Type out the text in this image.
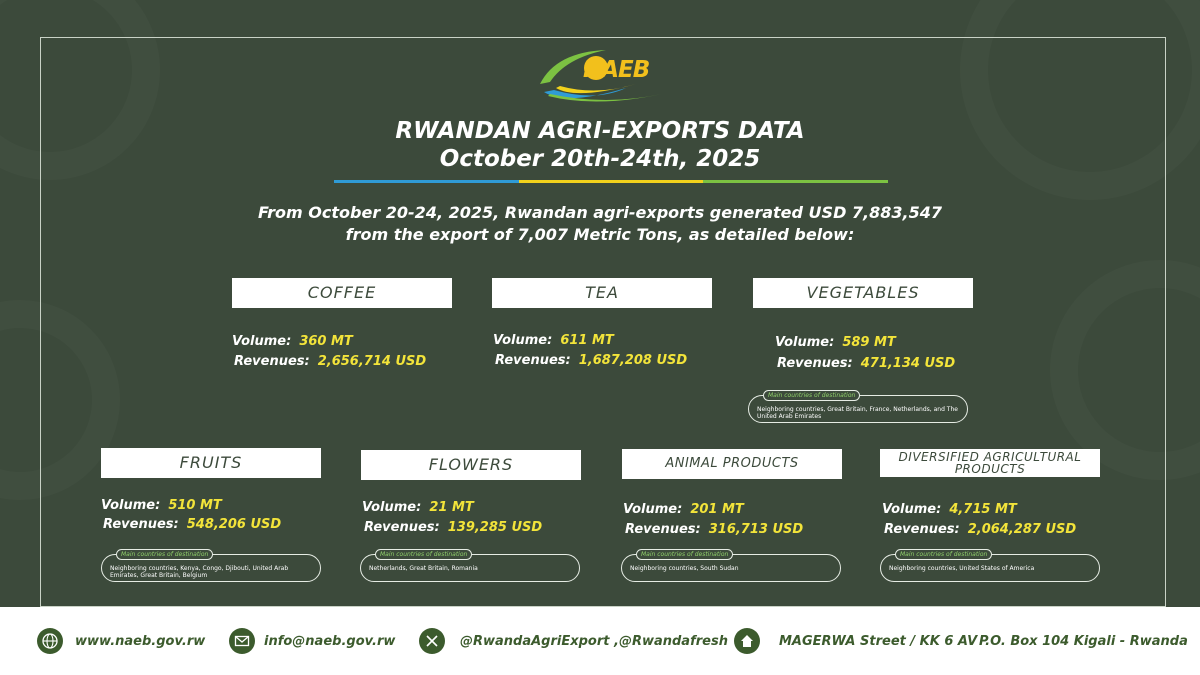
NAEB
RWANDAN AGRI-EXPORTS DATA
October 20th-24th, 2025
From October 20-24, 2025, Rwandan agri-exports generated USD 7,883,547
from the export of 7,007 Metric Tons, as detailed below:
COFFEE
Volume: 360 MT
Revenues: 2,656,714 USD
TEA
Volume: 611 MT
Revenues: 1,687,208 USD
VEGETABLES
Volume: 589 MT
Revenues: 471,134 USD
Main countries of destination
Neighboring countries, Great Britain, France, Netherlands, and The United Arab Emirates
FRUITS
Volume: 510 MT
Revenues: 548,206 USD
Main countries of destination
Neighboring countries, Kenya, Congo, Djibouti, United Arab Emirates, Great Britain, Belgium
FLOWERS
Volume: 21 MT
Revenues: 139,285 USD
Main countries of destination
Netherlands, Great Britain, Romania
ANIMAL PRODUCTS
Volume: 201 MT
Revenues: 316,713 USD
Main countries of destination
Neighboring countries, South Sudan
DIVERSIFIED AGRICULTURAL PRODUCTS
Volume: 4,715 MT
Revenues: 2,064,287 USD
Main countries of destination
Neighboring countries, United States of America
www.naeb.gov.rw	info@naeb.gov.rw	@RwandaAgriExport ,@Rwandafresh	MAGERWA Street / KK 6 AV P.O. Box 104 Kigali - Rwanda
